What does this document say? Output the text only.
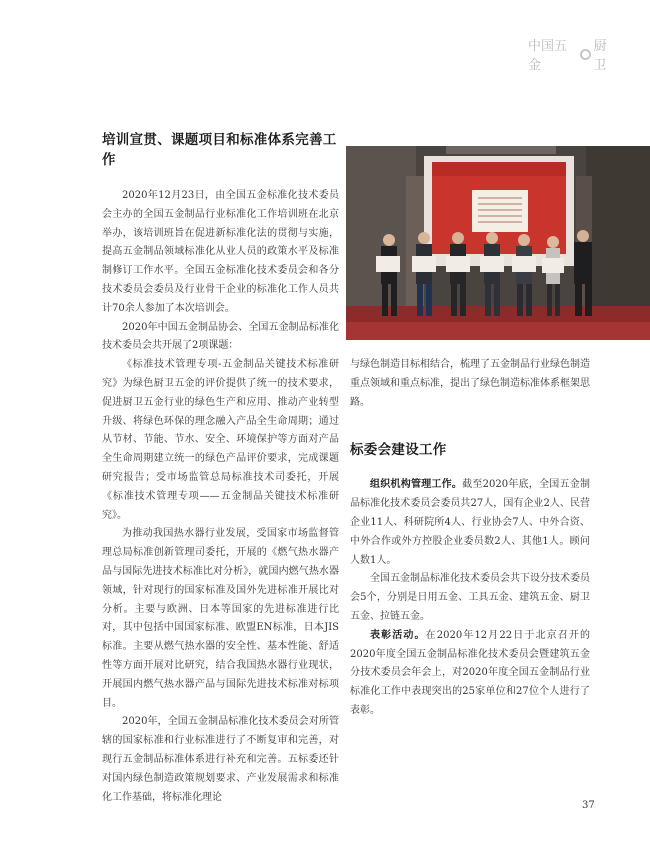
中国五金
厨卫
培训宣贯、课题项目和标准体系完善工作

2020年12月23日，由全国五金标准化技术委员会主办的全国五金制品行业标准化工作培训班在北京举办，该培训班旨在促进新标准化法的贯彻与实施，提高五金制品领域标准化从业人员的政策水平及标准制修订工作水平。全国五金标准化技术委员会和各分技术委员会委员及行业骨干企业的标准化工作人员共计70余人参加了本次培训会。

2020年中国五金制品协会、全国五金制品标准化技术委员会共开展了2项课题：

《标准技术管理专项-五金制品关键技术标准研究》为绿色厨卫五金的评价提供了统一的技术要求，促进厨卫五金行业的绿色生产和应用、推动产业转型升级、将绿色环保的理念融入产品全生命周期；通过从节材、节能、节水、安全、环境保护等方面对产品全生命周期建立统一的绿色产品评价要求，完成课题研究报告；受市场监管总局标准技术司委托，开展《标准技术管理专项——五金制品关键技术标准研究》。

为推动我国热水器行业发展，受国家市场监督管理总局标准创新管理司委托，开展的《燃气热水器产品与国际先进技术标准比对分析》，就国内燃气热水器领域，针对现行的国家标准及国外先进标准开展比对分析。主要与欧洲、日本等国家的先进标准进行比对，其中包括中国国家标准、欧盟EN标准，日本JIS标准。主要从燃气热水器的安全性、基本性能、舒适性等方面开展对比研究，结合我国热水器行业现状，开展国内燃气热水器产品与国际先进技术标准对标项目。

2020年，全国五金制品标准化技术委员会对所管辖的国家标准和行业标准进行了不断复审和完善，对现行五金制品标准体系进行补充和完善。五标委还针对国内绿色制造政策规划要求、产业发展需求和标准化工作基础，将标准化理论

与绿色制造目标相结合，梳理了五金制品行业绿色制造重点领域和重点标准，提出了绿色制造标准体系框架思路。

标委会建设工作

组织机构管理工作。截至2020年底，全国五金制品标准化技术委员会委员共27人，国有企业2人、民营企业11人、科研院所4人、行业协会7人、中外合资、中外合作或外方控股企业委员数2人、其他1人。顾问人数1人。

全国五金制品标准化技术委员会共下设分技术委员会5个，分别是日用五金、工具五金、建筑五金、厨卫五金、拉链五金。

表彰活动。在2020年12月22日于北京召开的2020年度全国五金制品标准化技术委员会暨建筑五金分技术委员会年会上，对2020年度全国五金制品行业标准化工作中表现突出的25家单位和27位个人进行了表彰。

37
